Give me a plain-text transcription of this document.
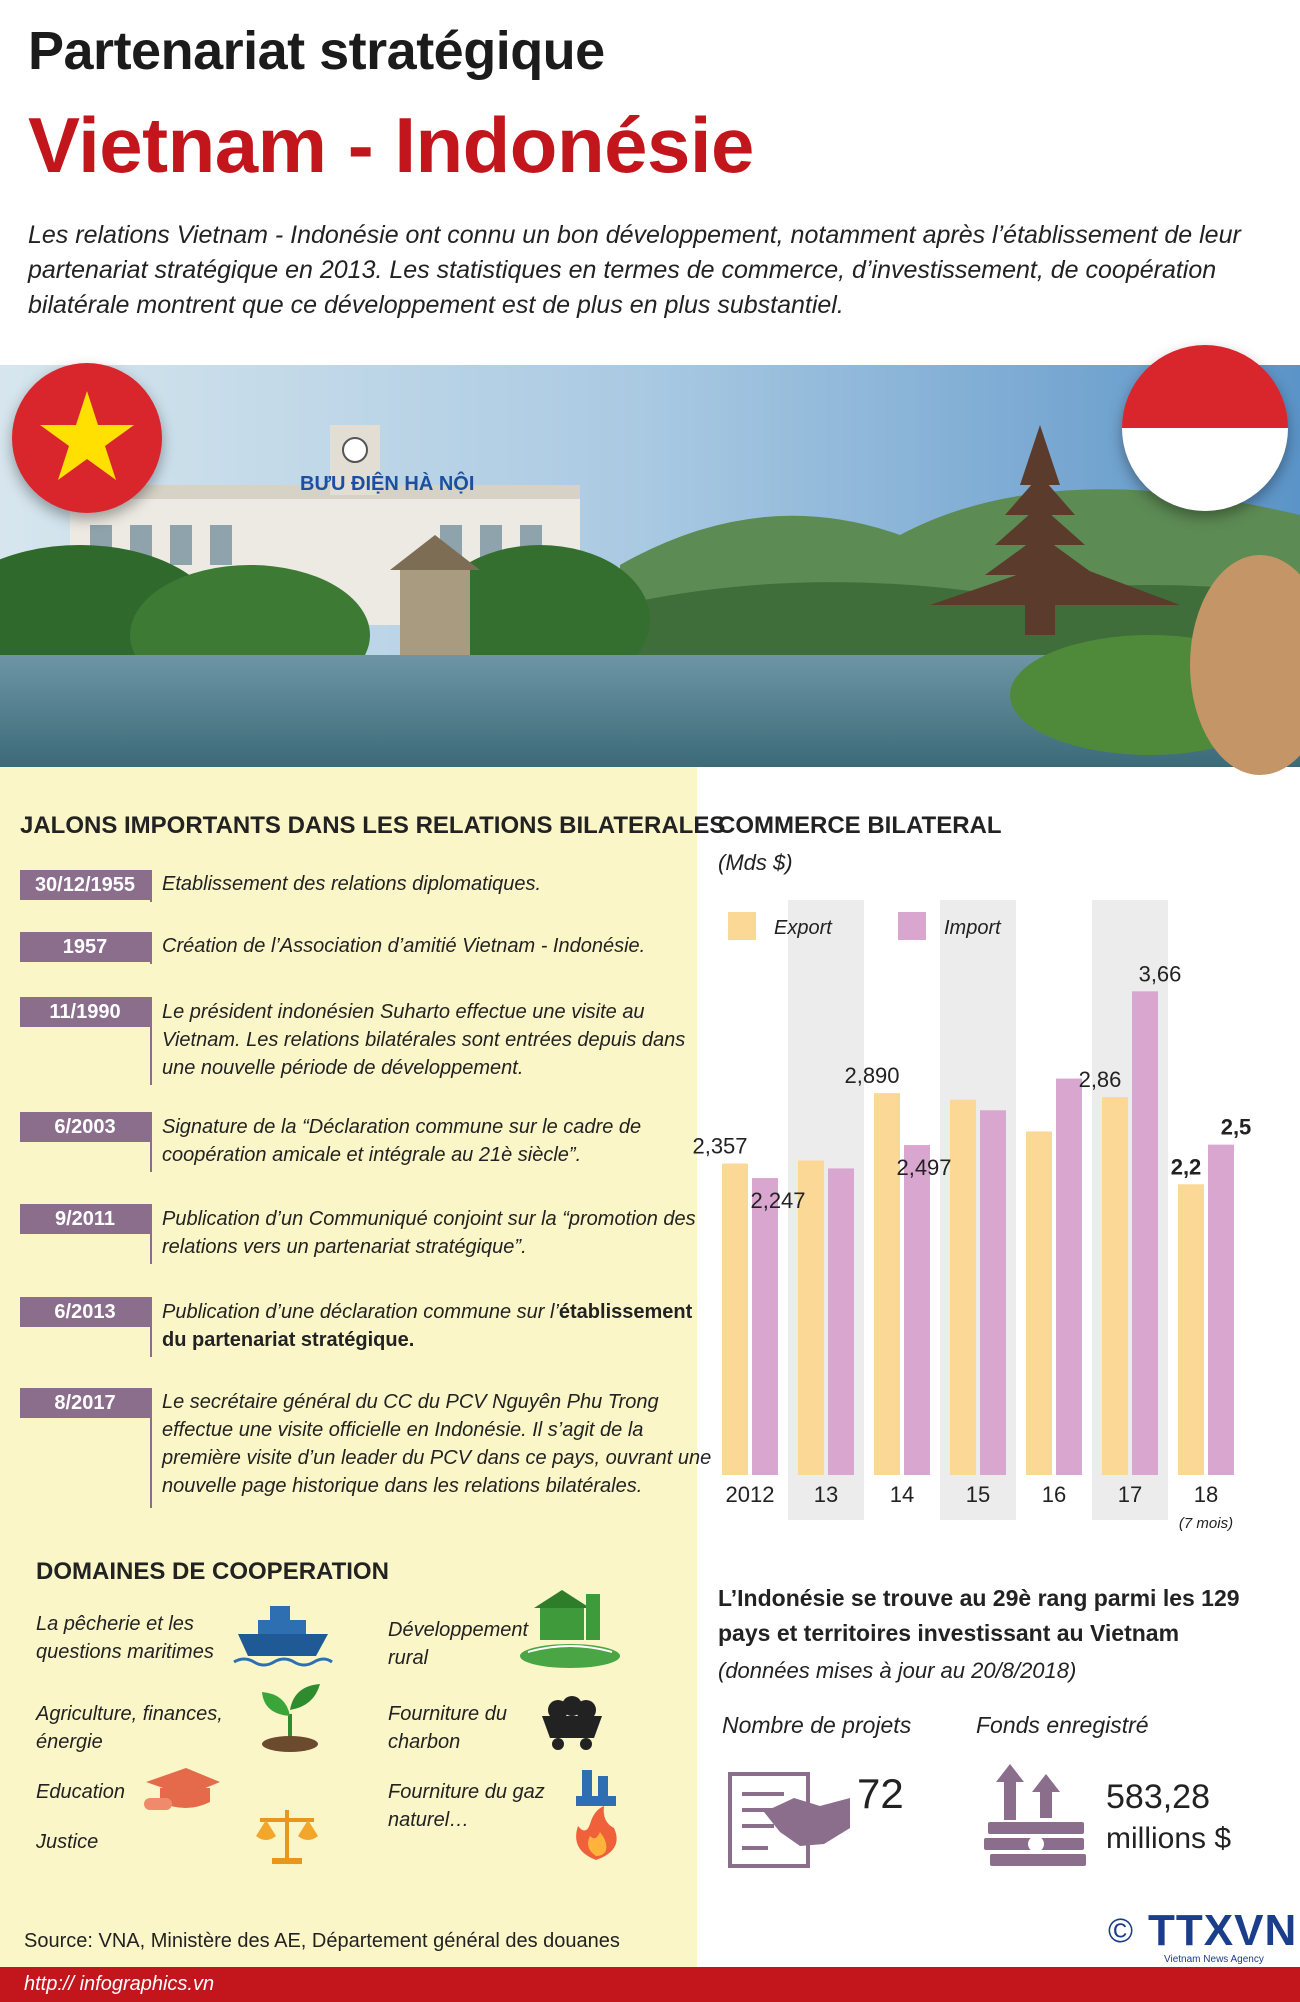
Partenariat stratégique
Vietnam - Indonésie
Les relations Vietnam - Indonésie ont connu un bon développement, notamment après l’établissement de leur partenariat stratégique en 2013. Les statistiques en termes de commerce, d’investissement, de coopération bilatérale montrent que ce développement est de plus en plus substantiel.
BƯU ĐIỆN HÀ NỘI
JALONS IMPORTANTS DANS LES RELATIONS BILATERALES
30/12/1955	Etablissement des relations diplomatiques.
1957	Création de l’Association d’amitié Vietnam - Indonésie.
11/1990	Le président indonésien Suharto effectue une visite au Vietnam. Les relations bilatérales sont entrées depuis dans une nouvelle période de développement.
6/2003	Signature de la “Déclaration commune sur le cadre de coopération amicale et intégrale au 21è siècle”.
9/2011	Publication d’un Communiqué conjoint sur la “promotion des relations vers un partenariat stratégique”.
6/2013	Publication d’une déclaration commune sur l’établissement du partenariat stratégique.
8/2017	Le secrétaire général du CC du PCV Nguyên Phu Trong effectue une visite officielle en Indonésie. Il s’agit de la première visite d’un leader du PCV dans ce pays, ouvrant une nouvelle page historique dans les relations bilatérales.
DOMAINES DE COOPERATION
La pêcherie et les questions maritimes
Développement rural
Agriculture, finances, énergie
Fourniture du charbon
Education	Fourniture du gaz naturel…
Justice
COMMERCE BILATERAL
(Mds $)
Export	Import
2,357
2,247
2,890
2,497
2,86
3,66
2,2
2,5
2012 13 14 15 16 17 18
(7 mois)
L’Indonésie se trouve au 29è rang parmi les 129
pays et territoires investissant au Vietnam
(données mises à jour au 20/8/2018)
Nombre de projets	Fonds enregistré
72	583,28
millions $
Source: VNA, Ministère des AE, Département général des douanes	© TTXVN
Vietnam News Agency
http:// infographics.vn
